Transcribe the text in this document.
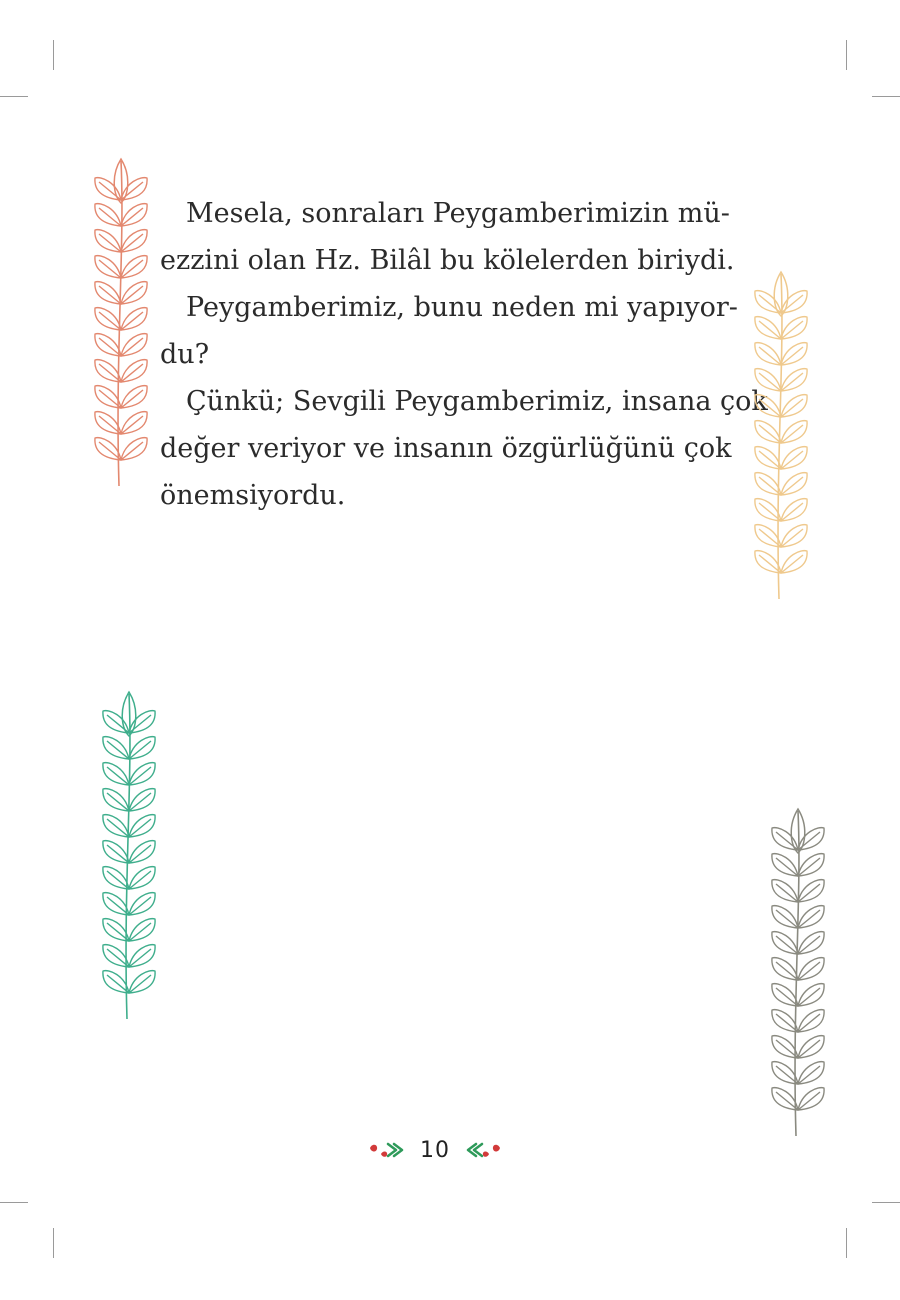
Mesela, sonraları Peygamberimizin mü-
ezzini olan Hz. Bilâl bu kölelerden biriydi.

Peygamberimiz, bunu neden mi yapıyor-
du?

Çünkü; Sevgili Peygamberimiz, insana çok
değer veriyor ve insanın özgürlüğünü çok
önemsiyordu.

10
